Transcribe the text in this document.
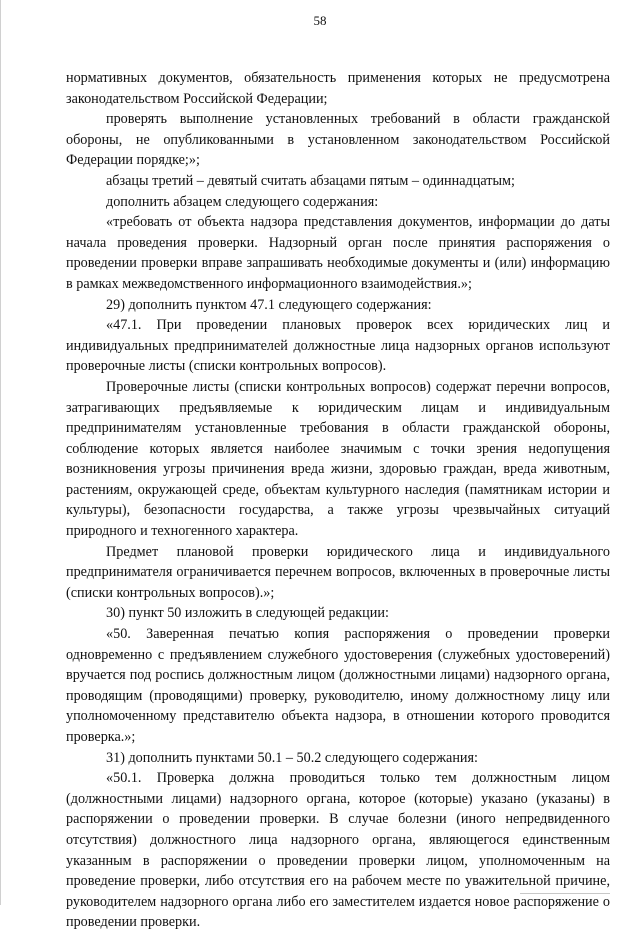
58

нормативных документов, обязательность применения которых не предусмотрена законодательством Российской Федерации;

проверять выполнение установленных требований в области гражданской обороны, не опубликованными в установленном законодательством Российской Федерации порядке;»;

абзацы третий – девятый считать абзацами пятым – одиннадцатым;

дополнить абзацем следующего содержания:

«требовать от объекта надзора представления документов, информации до даты начала проведения проверки. Надзорный орган после принятия распоряжения о проведении проверки вправе запрашивать необходимые документы и (или) информацию в рамках межведомственного информационного взаимодействия.»;

29) дополнить пунктом 47.1 следующего содержания:

«47.1. При проведении плановых проверок всех юридических лиц и индивидуальных предпринимателей должностные лица надзорных органов используют проверочные листы (списки контрольных вопросов).

Проверочные листы (списки контрольных вопросов) содержат перечни вопросов, затрагивающих предъявляемые к юридическим лицам и индивидуальным предпринимателям установленные требования в области гражданской обороны, соблюдение которых является наиболее значимым с точки зрения недопущения возникновения угрозы причинения вреда жизни, здоровью граждан, вреда животным, растениям, окружающей среде, объектам культурного наследия (памятникам истории и культуры), безопасности государства, а также угрозы чрезвычайных ситуаций природного и техногенного характера.

Предмет плановой проверки юридического лица и индивидуального предпринимателя ограничивается перечнем вопросов, включенных в проверочные листы (списки контрольных вопросов).»;

30) пункт 50 изложить в следующей редакции:

«50. Заверенная печатью копия распоряжения о проведении проверки одновременно с предъявлением служебного удостоверения (служебных удостоверений) вручается под роспись должностным лицом (должностными лицами) надзорного органа, проводящим (проводящими) проверку, руководителю, иному должностному лицу или уполномоченному представителю объекта надзора, в отношении которого проводится проверка.»;

31) дополнить пунктами 50.1 – 50.2 следующего содержания:

«50.1. Проверка должна проводиться только тем должностным лицом (должностными лицами) надзорного органа, которое (которые) указано (указаны) в распоряжении о проведении проверки. В случае болезни (иного непредвиденного отсутствия) должностного лица надзорного органа, являющегося единственным указанным в распоряжении о проведении проверки лицом, уполномоченным на проведение проверки, либо отсутствия его на рабочем месте по уважительной причине, руководителем надзорного органа либо его заместителем издается новое распоряжение о проведении проверки.
